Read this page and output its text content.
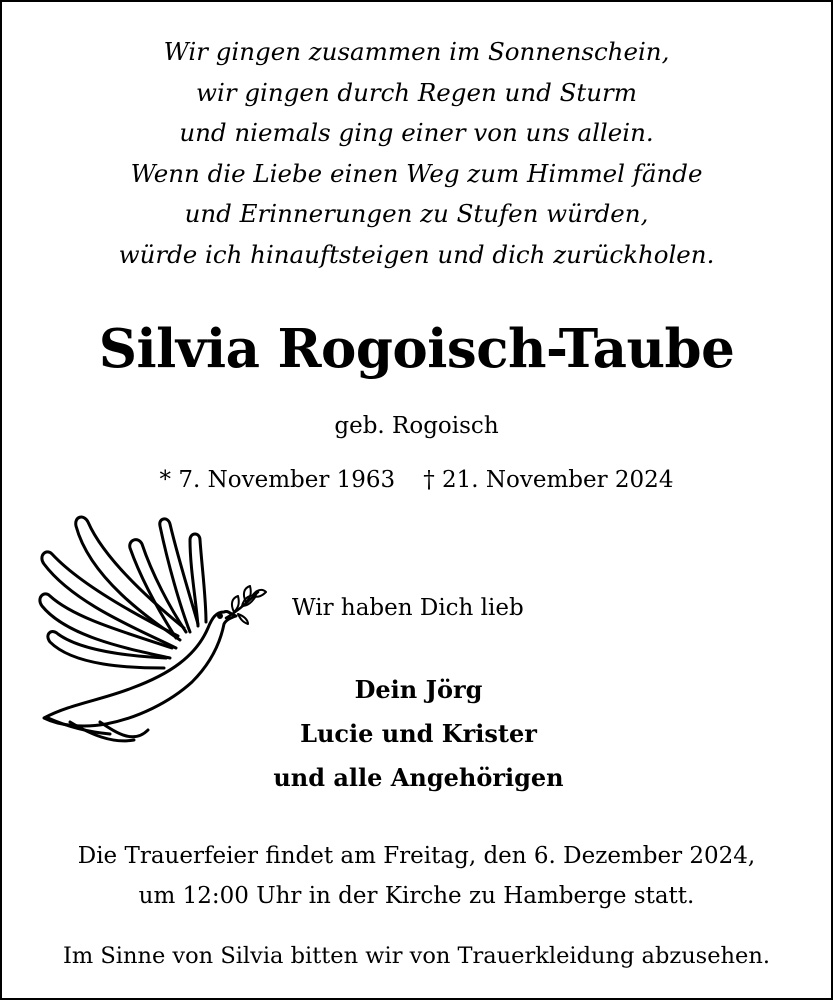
Wir gingen zusammen im Sonnenschein,
wir gingen durch Regen und Sturm
und niemals ging einer von uns allein.
Wenn die Liebe einen Weg zum Himmel fände
und Erinnerungen zu Stufen würden,
würde ich hinauftsteigen und dich zurückholen.
Silvia Rogoisch-Taube
geb. Rogoisch
* 7. November 1963 † 21. November 2024
Wir haben Dich lieb
Dein Jörg
Lucie und Krister
und alle Angehörigen
Die Trauerfeier findet am Freitag, den 6. Dezember 2024,
um 12:00 Uhr in der Kirche zu Hamberge statt.
Im Sinne von Silvia bitten wir von Trauerkleidung abzusehen.
